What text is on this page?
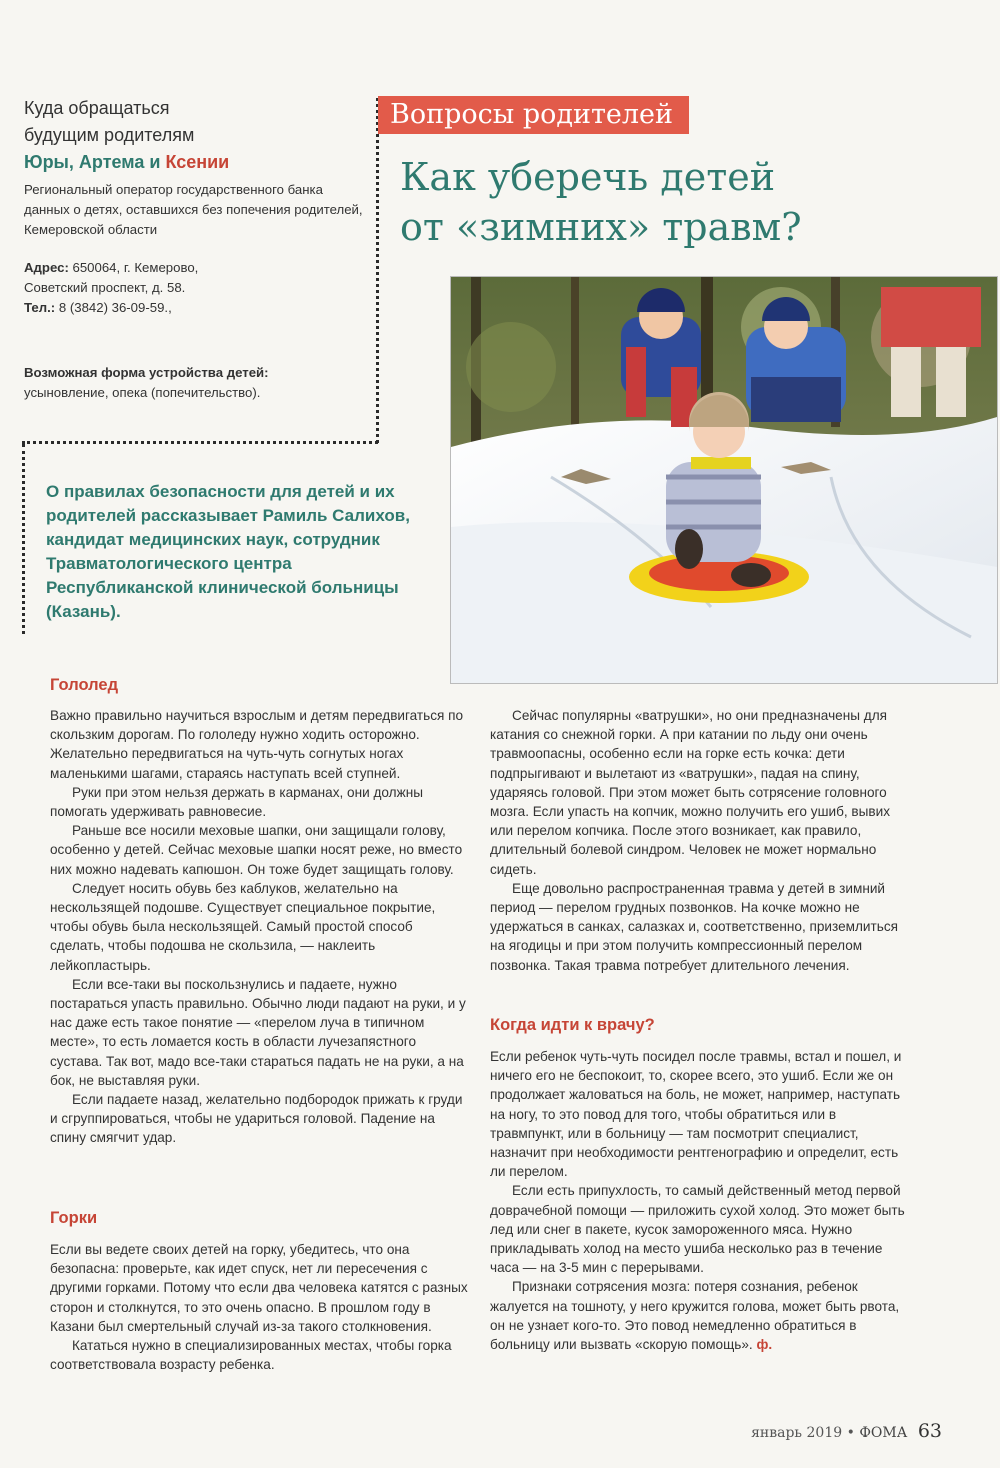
Куда обращаться
будущим родителям
Юры, Артема и Ксении
Региональный оператор государственного банка данных о детях, оставшихся без попечения родителей, Кемеровской области
Адрес: 650064, г. Кемерово, Советский проспект, д. 58.
Тел.: 8 (3842) 36-09-59.,
Возможная форма устройства детей:
усыновление, опека (попечительство).
Вопросы родителей
Как уберечь детей
от «зимних» травм?
О правилах безопасности для детей и их родителей рассказывает Рамиль Салихов, кандидат медицинских наук, сотрудник Травматологического центра Республиканской клинической больницы (Казань).
Гололед

Важно правильно научиться взрослым и детям передвигаться по скользким дорогам. По гололеду нужно ходить осторожно. Желательно передвигаться на чуть-чуть согнутых ногах маленькими шагами, стараясь наступать всей ступней.

Руки при этом нельзя держать в карманах, они должны помогать удерживать равновесие.

Раньше все носили меховые шапки, они защищали голову, особенно у детей. Сейчас меховые шапки носят реже, но вместо них можно надевать капюшон. Он тоже будет защищать голову.

Следует носить обувь без каблуков, желательно на нескользящей подошве. Существует специальное покрытие, чтобы обувь была нескользящей. Самый простой способ сделать, чтобы подошва не скользила, — наклеить лейкопластырь.

Если все-таки вы поскользнулись и падаете, нужно постараться упасть правильно. Обычно люди падают на руки, и у нас даже есть такое понятие — «перелом луча в типичном месте», то есть ломается кость в области лучезапястного сустава. Так вот, мадо все-таки стараться падать не на руки, а на бок, не выставляя руки.

Если падаете назад, желательно подбородок прижать к груди и сгруппироваться, чтобы не удариться головой. Падение на спину смягчит удар.

Горки

Если вы ведете своих детей на горку, убедитесь, что она безопасна: проверьте, как идет спуск, нет ли пересечения с другими горками. Потому что если два человека катятся с разных сторон и столкнутся, то это очень опасно. В прошлом году в Казани был смертельный случай из-за такого столкновения.

Кататься нужно в специализированных местах, чтобы горка соответствовала возрасту ребенка.

Сейчас популярны «ватрушки», но они предназначены для катания со снежной горки. А при катании по льду они очень травмоопасны, особенно если на горке есть кочка: дети подпрыгивают и вылетают из «ватрушки», падая на спину, ударяясь головой. При этом может быть сотрясение головного мозга. Если упасть на копчик, можно получить его ушиб, вывих или перелом копчика. После этого возникает, как правило, длительный болевой синдром. Человек не может нормально сидеть.

Еще довольно распространенная травма у детей в зимний период — перелом грудных позвонков. На кочке можно не удержаться в санках, салазках и, соответственно, приземлиться на ягодицы и при этом получить компрессионный перелом позвонка. Такая травма потребует длительного лечения.

Когда идти к врачу?

Если ребенок чуть-чуть посидел после травмы, встал и пошел, и ничего его не беспокоит, то, скорее всего, это ушиб. Если же он продолжает жаловаться на боль, не может, например, наступать на ногу, то это повод для того, чтобы обратиться или в травмпункт, или в больницу — там посмотрит специалист, назначит при необходимости рентгенографию и определит, есть ли перелом.

Если есть припухлость, то самый действенный метод первой доврачебной помощи — приложить сухой холод. Это может быть лед или снег в пакете, кусок замороженного мяса. Нужно прикладывать холод на место ушиба несколько раз в течение часа — на 3-5 мин с перерывами.

Признаки сотрясения мозга: потеря сознания, ребенок жалуется на тошноту, у него кружится голова, может быть рвота, он не узнает кого-то. Это повод немедленно обратиться в больницу или вызвать «скорую помощь». ф.

январь 2019 • ФОМА 63
